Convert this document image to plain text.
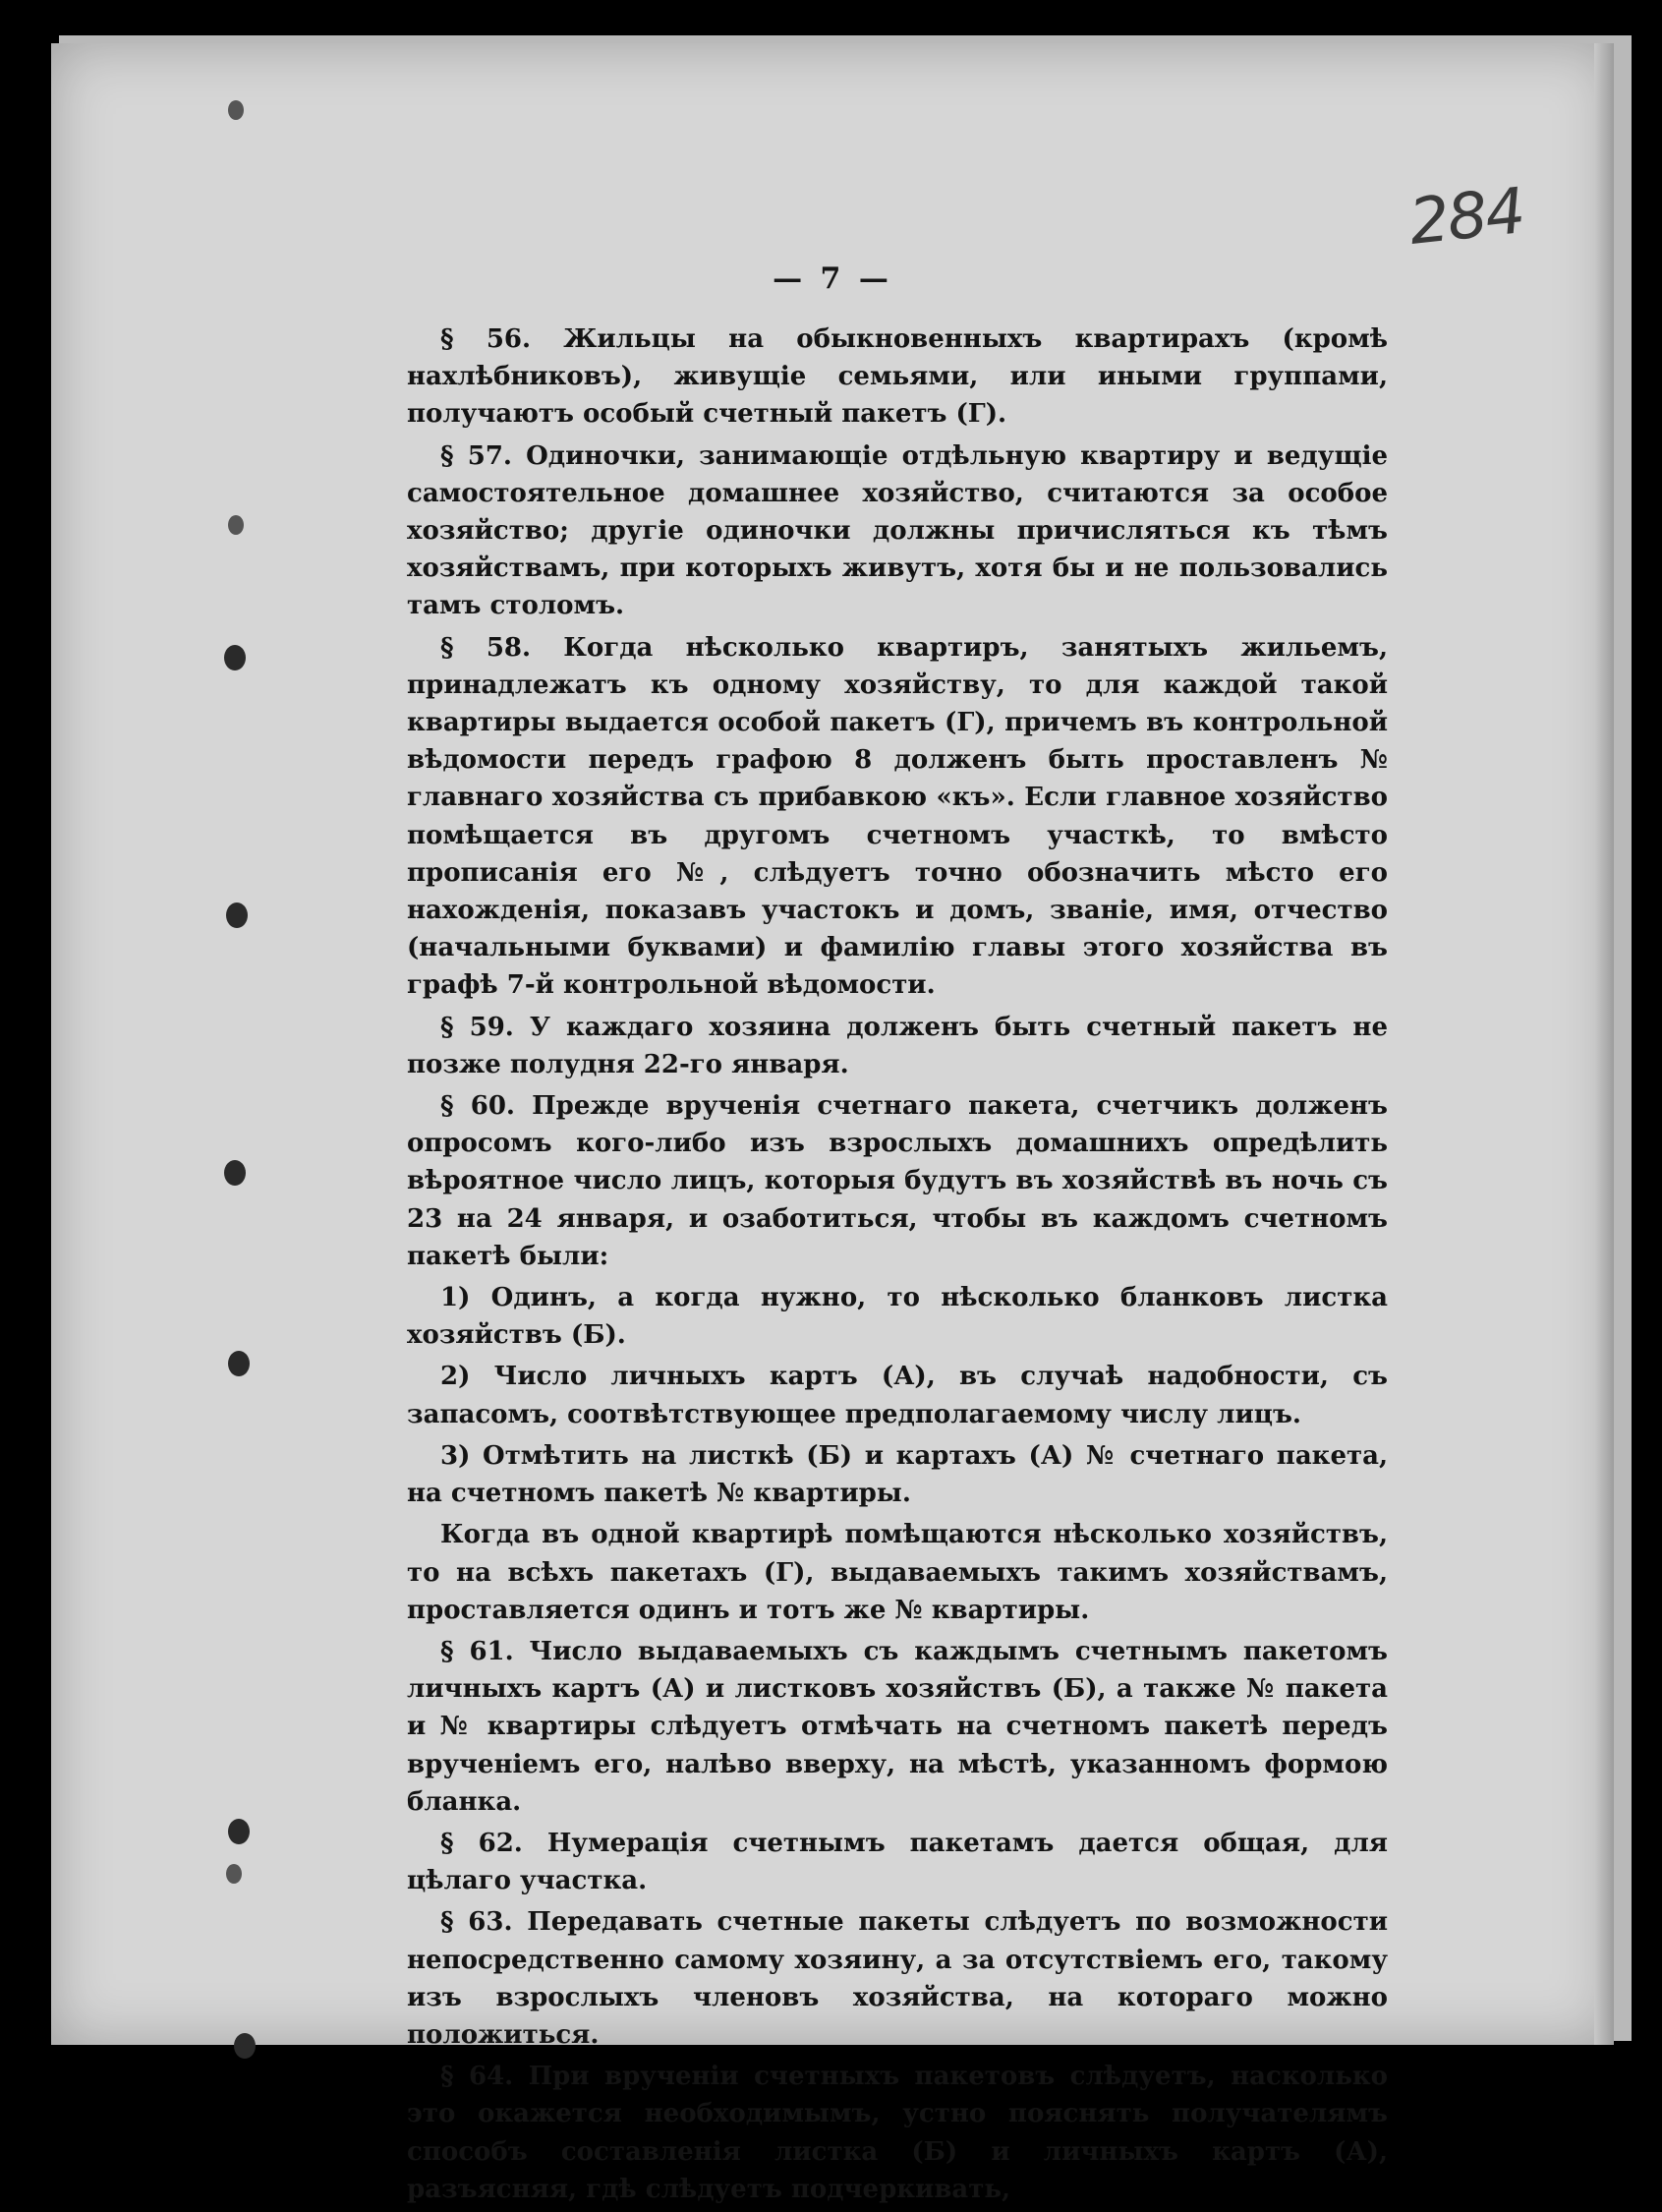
284
— 7 —

§ 56. Жильцы на обыкновенныхъ квартирахъ (кромѣ нахлѣбниковъ), живущіе семьями, или иными группами, получаютъ особый счетный пакетъ (Г).

§ 57. Одиночки, занимающіе отдѣльную квартиру и ведущіе самостоятельное домашнее хозяйство, считаются за особое хозяйство; другіе одиночки должны причисляться къ тѣмъ хозяйствамъ, при которыхъ живутъ, хотя бы и не пользовались тамъ столомъ.

§ 58. Когда нѣсколько квартиръ, занятыхъ жильемъ, принадлежатъ къ одному хозяйству, то для каждой такой квартиры выдается особой пакетъ (Г), причемъ въ контрольной вѣдомости передъ графою 8 долженъ быть проставленъ № главнаго хозяйства съ прибавкою «къ». Если главное хозяйство помѣщается въ другомъ счетномъ участкѣ, то вмѣсто прописанія его №, слѣдуетъ точно обозначить мѣсто его нахожденія, показавъ участокъ и домъ, званіе, имя, отчество (начальными буквами) и фамилію главы этого хозяйства въ графѣ 7-й контрольной вѣдомости.

§ 59. У каждаго хозяина долженъ быть счетный пакетъ не позже полудня 22-го января.

§ 60. Прежде врученія счетнаго пакета, счетчикъ долженъ опросомъ кого-либо изъ взрослыхъ домашнихъ опредѣлить вѣроятное число лицъ, которыя будутъ въ хозяйствѣ въ ночь съ 23 на 24 января, и озаботиться, чтобы въ каждомъ счетномъ пакетѣ были:

1) Одинъ, а когда нужно, то нѣсколько бланковъ листка хозяйствъ (Б).

2) Число личныхъ картъ (А), въ случаѣ надобности, съ запасомъ, соотвѣтствующее предполагаемому числу лицъ.

3) Отмѣтить на листкѣ (Б) и картахъ (А) № счетнаго пакета, на счетномъ пакетѣ № квартиры.

Когда въ одной квартирѣ помѣщаются нѣсколько хозяйствъ, то на всѣхъ пакетахъ (Г), выдаваемыхъ такимъ хозяйствамъ, проставляется одинъ и тотъ же № квартиры.

§ 61. Число выдаваемыхъ съ каждымъ счетнымъ пакетомъ личныхъ картъ (А) и листковъ хозяйствъ (Б), а также № пакета и № квартиры слѣдуетъ отмѣчать на счетномъ пакетѣ передъ врученіемъ его, налѣво вверху, на мѣстѣ, указанномъ формою бланка.

§ 62. Нумерація счетнымъ пакетамъ дается общая, для цѣлаго участка.

§ 63. Передавать счетные пакеты слѣдуетъ по возможности непосредственно самому хозяину, а за отсутствіемъ его, такому изъ взрослыхъ членовъ хозяйства, на котораго можно положиться.

§ 64. При врученіи счетныхъ пакетовъ слѣдуетъ, насколько это окажется необходимымъ, устно пояснять получателямъ способъ составленія листка (Б) и личныхъ картъ (А), разъясняя, гдѣ слѣдуетъ подчеркивать,
